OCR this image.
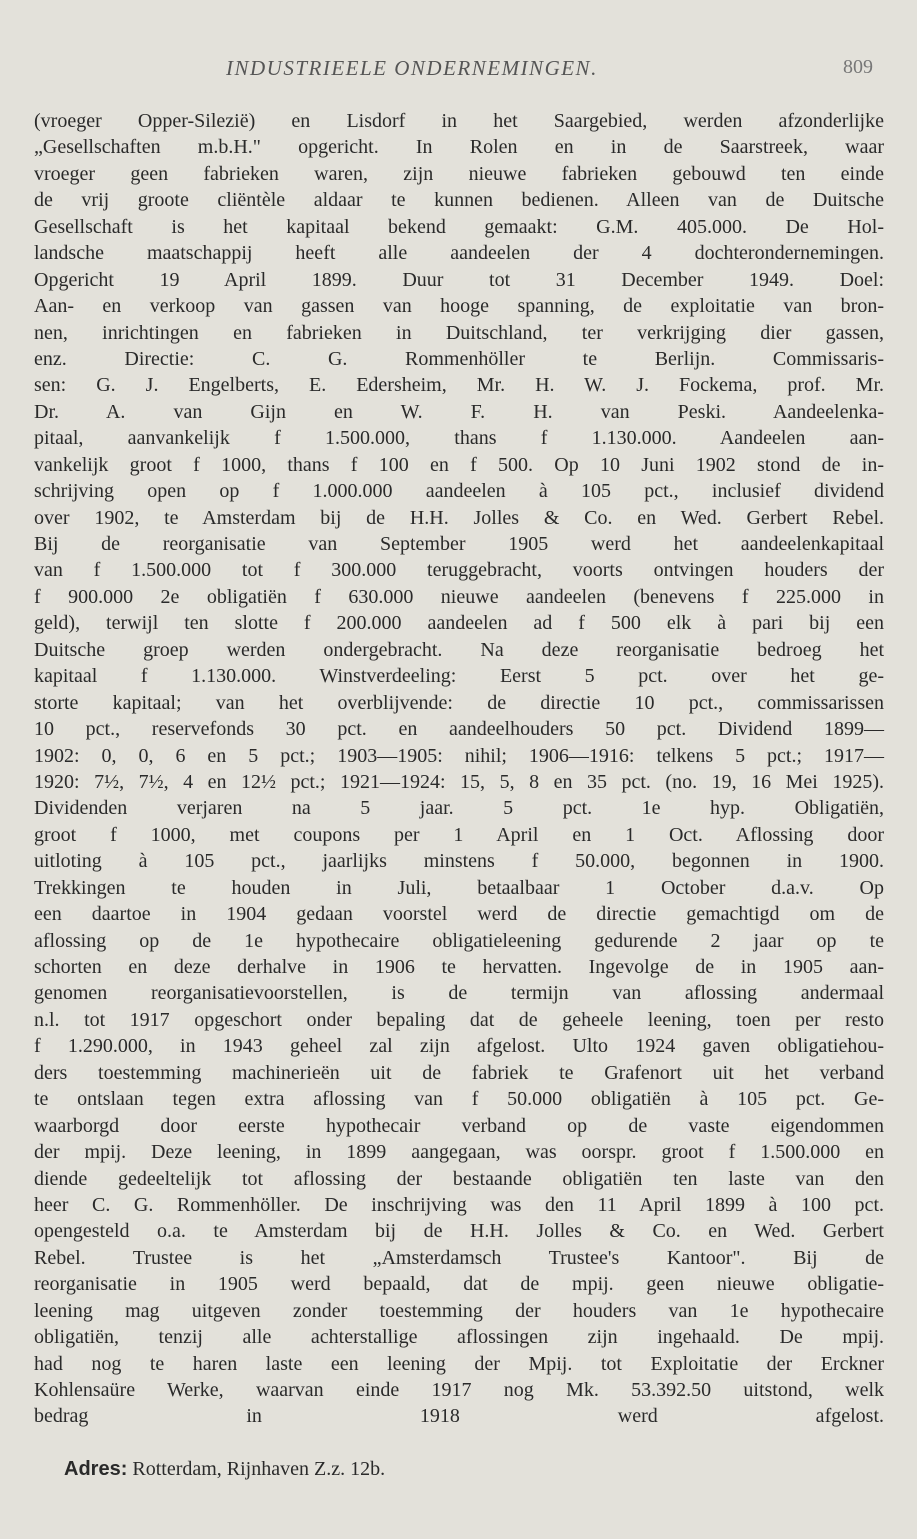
INDUSTRIEELE ONDERNEMINGEN.	809
(vroeger Opper-Silezië) en Lisdorf in het Saargebied, werden afzonderlijke
„Gesellschaften m.b.H." opgericht. In Rolen en in de Saarstreek, waar
vroeger geen fabrieken waren, zijn nieuwe fabrieken gebouwd ten einde
de vrij groote cliëntèle aldaar te kunnen bedienen. Alleen van de Duitsche
Gesellschaft is het kapitaal bekend gemaakt: G.M. 405.000. De Hol-
landsche maatschappij heeft alle aandeelen der 4 dochterondernemingen.
Opgericht 19 April 1899. Duur tot 31 December 1949. Doel:
Aan- en verkoop van gassen van hooge spanning, de exploitatie van bron-
nen, inrichtingen en fabrieken in Duitschland, ter verkrijging dier gassen,
enz. Directie: C. G. Rommenhöller te Berlijn. Commissaris-
sen: G. J. Engelberts, E. Edersheim, Mr. H. W. J. Fockema, prof. Mr.
Dr. A. van Gijn en W. F. H. van Peski. Aandeelenka-
pitaal, aanvankelijk f 1.500.000, thans f 1.130.000. Aandeelen aan-
vankelijk groot f 1000, thans f 100 en f 500. Op 10 Juni 1902 stond de in-
schrijving open op f 1.000.000 aandeelen à 105 pct., inclusief dividend
over 1902, te Amsterdam bij de H.H. Jolles & Co. en Wed. Gerbert Rebel.
Bij de reorganisatie van September 1905 werd het aandeelenkapitaal
van f 1.500.000 tot f 300.000 teruggebracht, voorts ontvingen houders der
f 900.000 2e obligatiën f 630.000 nieuwe aandeelen (benevens f 225.000 in
geld), terwijl ten slotte f 200.000 aandeelen ad f 500 elk à pari bij een
Duitsche groep werden ondergebracht. Na deze reorganisatie bedroeg het
kapitaal f 1.130.000. Winstverdeeling: Eerst 5 pct. over het ge-
storte kapitaal; van het overblijvende: de directie 10 pct., commissarissen
10 pct., reservefonds 30 pct. en aandeelhouders 50 pct. Dividend 1899—
1902: 0, 0, 6 en 5 pct.; 1903—1905: nihil; 1906—1916: telkens 5 pct.; 1917—
1920: 7½, 7½, 4 en 12½ pct.; 1921—1924: 15, 5, 8 en 35 pct. (no. 19, 16 Mei 1925).
Dividenden verjaren na 5 jaar. 5 pct. 1e hyp. Obligatiën,
groot f 1000, met coupons per 1 April en 1 Oct. Aflossing door
uitloting à 105 pct., jaarlijks minstens f 50.000, begonnen in 1900.
Trekkingen te houden in Juli, betaalbaar 1 October d.a.v. Op
een daartoe in 1904 gedaan voorstel werd de directie gemachtigd om de
aflossing op de 1e hypothecaire obligatieleening gedurende 2 jaar op te
schorten en deze derhalve in 1906 te hervatten. Ingevolge de in 1905 aan-
genomen reorganisatievoorstellen, is de termijn van aflossing andermaal
n.l. tot 1917 opgeschort onder bepaling dat de geheele leening, toen per resto
f 1.290.000, in 1943 geheel zal zijn afgelost. Ulto 1924 gaven obligatiehou-
ders toestemming machinerieën uit de fabriek te Grafenort uit het verband
te ontslaan tegen extra aflossing van f 50.000 obligatiën à 105 pct. Ge-
waarborgd door eerste hypothecair verband op de vaste eigendommen
der mpij. Deze leening, in 1899 aangegaan, was oorspr. groot f 1.500.000 en
diende gedeeltelijk tot aflossing der bestaande obligatiën ten laste van den
heer C. G. Rommenhöller. De inschrijving was den 11 April 1899 à 100 pct.
opengesteld o.a. te Amsterdam bij de H.H. Jolles & Co. en Wed. Gerbert
Rebel. Trustee is het „Amsterdamsch Trustee's Kantoor". Bij de
reorganisatie in 1905 werd bepaald, dat de mpij. geen nieuwe obligatie-
leening mag uitgeven zonder toestemming der houders van 1e hypothecaire
obligatiën, tenzij alle achterstallige aflossingen zijn ingehaald. De mpij.
had nog te haren laste een leening der Mpij. tot Exploitatie der Erckner
Kohlensaüre Werke, waarvan einde 1917 nog Mk. 53.392.50 uitstond, welk
bedrag in 1918 werd afgelost.
Adres: Rotterdam, Rijnhaven Z.z. 12b.
